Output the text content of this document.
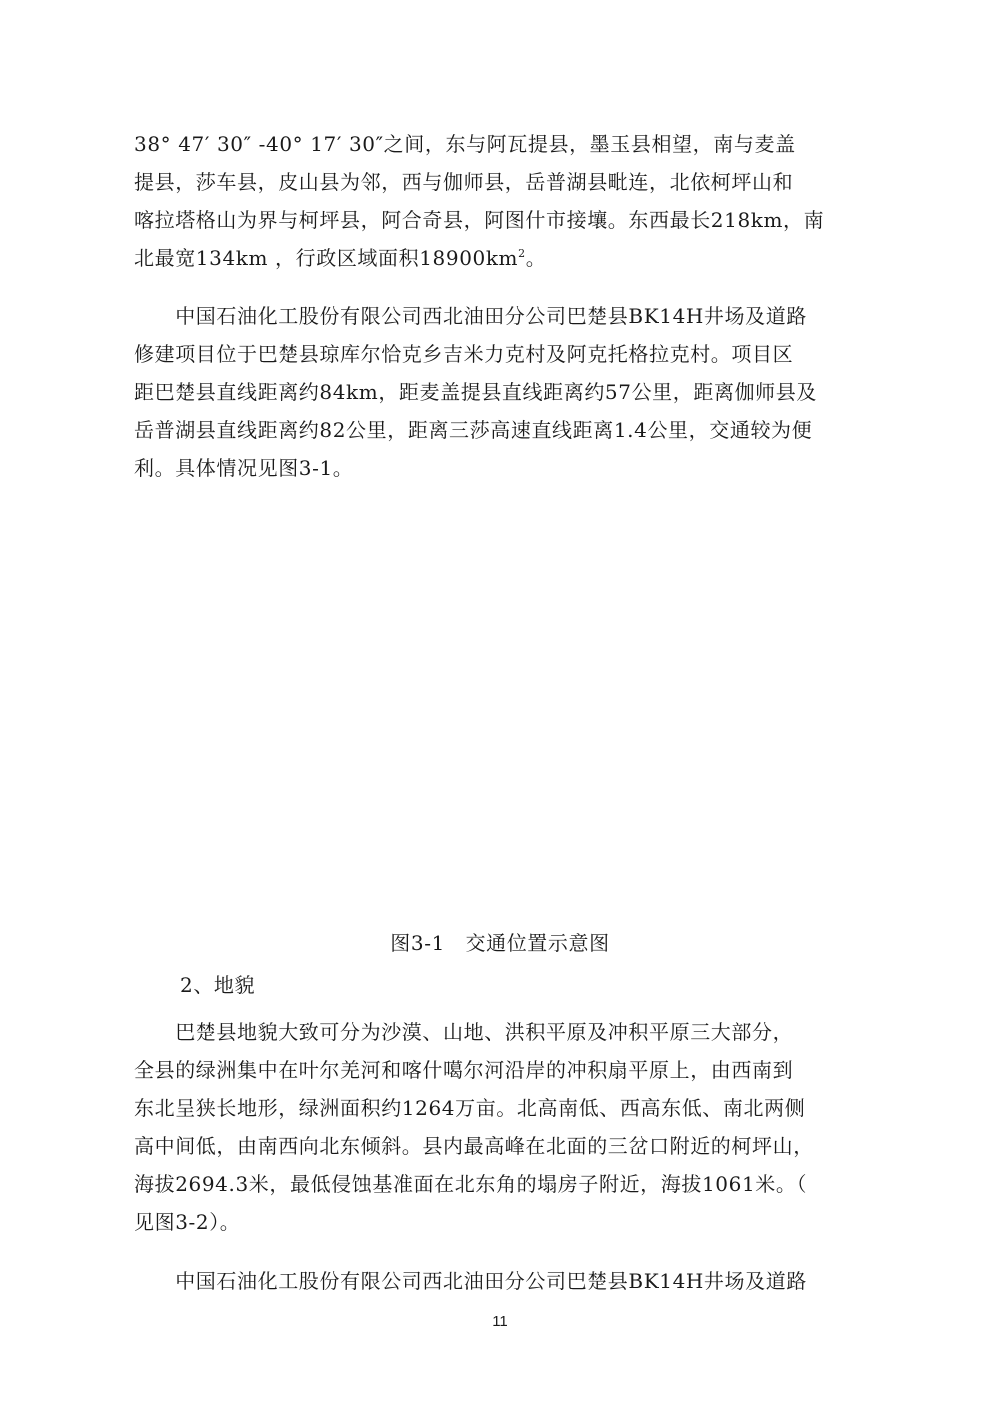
38° 47′ 30″ -40° 17′ 30″之间，东与阿瓦提县，墨玉县相望，南与麦盖
提县，莎车县，皮山县为邻，西与伽师县，岳普湖县毗连，北依柯坪山和
喀拉塔格山为界与柯坪县，阿合奇县，阿图什市接壤。东西最长218km，南
北最宽134km ，行政区域面积$18900km^2$。

　　中国石油化工股份有限公司西北油田分公司巴楚县BK14H井场及道路
修建项目位于巴楚县琼库尔恰克乡吉米力克村及阿克托格拉克村。项目区
距巴楚县直线距离约84km，距麦盖提县直线距离约57公里，距离伽师县及
岳普湖县直线距离约82公里，距离三莎高速直线距离1.4公里，交通较为便
利。具体情况见图3-1。

图3-1　交通位置示意图
2、地貌

　　巴楚县地貌大致可分为沙漠、山地、洪积平原及冲积平原三大部分，
全县的绿洲集中在叶尔羌河和喀什噶尔河沿岸的冲积扇平原上，由西南到
东北呈狭长地形，绿洲面积约1264万亩。北高南低、西高东低、南北两侧
高中间低，由南西向北东倾斜。县内最高峰在北面的三岔口附近的柯坪山，
海拔2694.3米，最低侵蚀基准面在北东角的塌房子附近，海拔1061米。（
见图3-2）。

　　中国石油化工股份有限公司西北油田分公司巴楚县BK14H井场及道路

11
